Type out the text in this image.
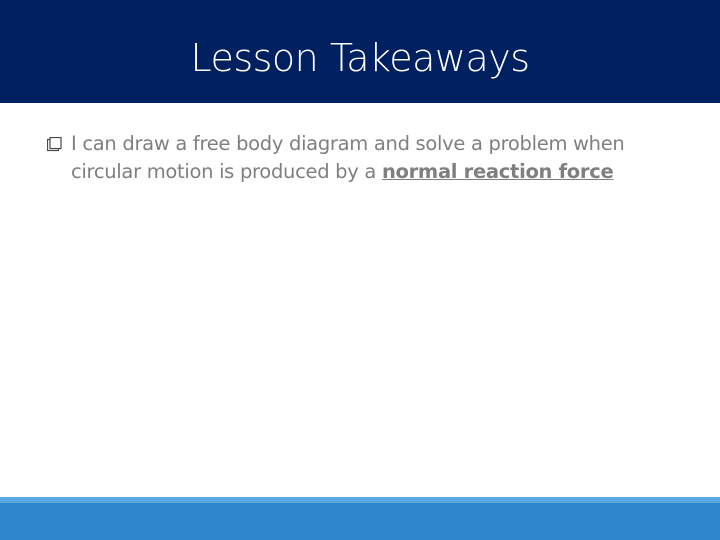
Lesson Takeaways
I can draw a free body diagram and solve a problem when circular motion is produced by a normal reaction force
